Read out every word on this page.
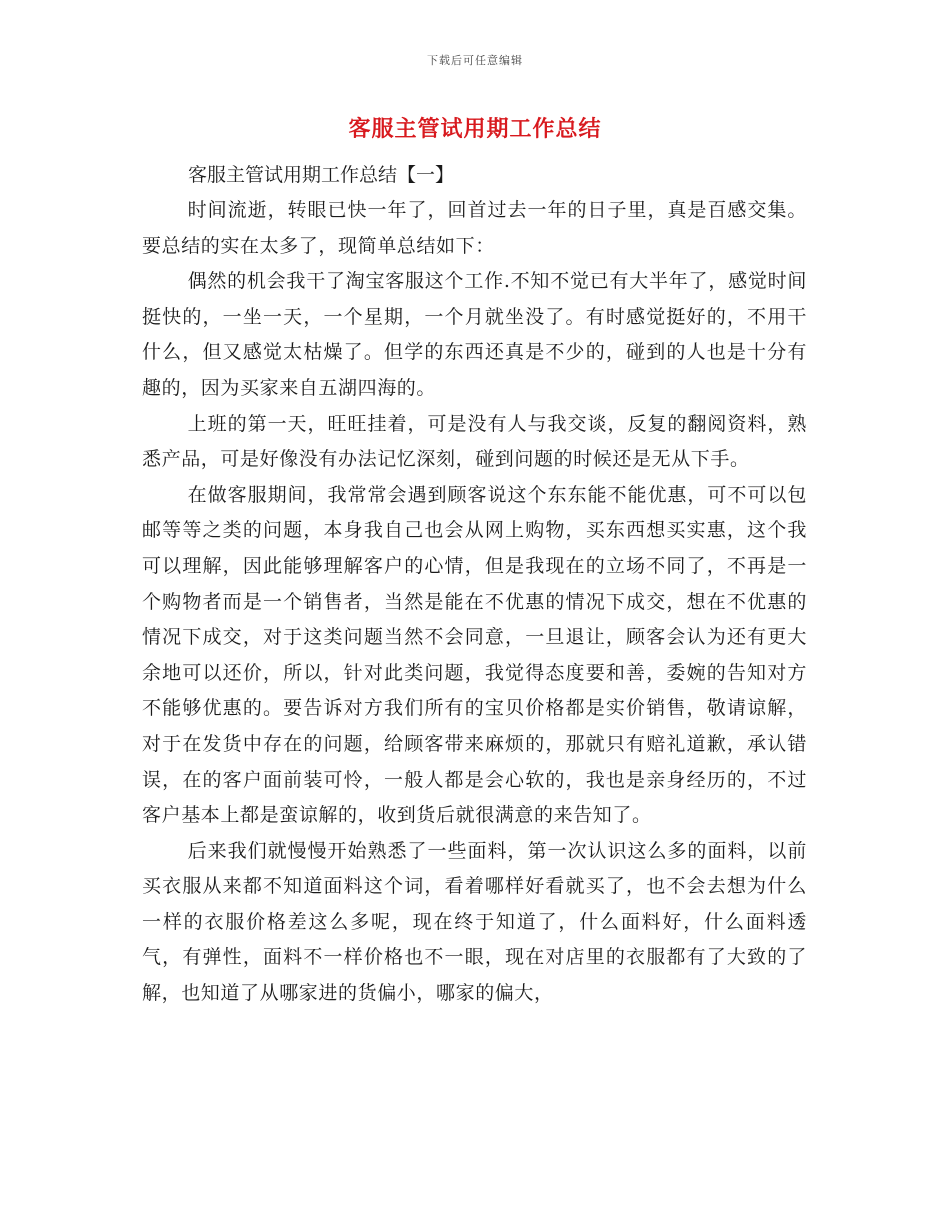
下载后可任意编辑
客服主管试用期工作总结

客服主管试用期工作总结【一】

时间流逝，转眼已快一年了，回首过去一年的日子里，真是百感交集。要总结的实在太多了，现简单总结如下：

偶然的机会我干了淘宝客服这个工作.不知不觉已有大半年了，感觉时间挺快的，一坐一天，一个星期，一个月就坐没了。有时感觉挺好的，不用干什么，但又感觉太枯燥了。但学的东西还真是不少的，碰到的人也是十分有趣的，因为买家来自五湖四海的。

上班的第一天，旺旺挂着，可是没有人与我交谈，反复的翻阅资料，熟悉产品，可是好像没有办法记忆深刻，碰到问题的时候还是无从下手。

在做客服期间，我常常会遇到顾客说这个东东能不能优惠，可不可以包邮等等之类的问题，本身我自己也会从网上购物，买东西想买实惠，这个我可以理解，因此能够理解客户的心情，但是我现在的立场不同了，不再是一个购物者而是一个销售者，当然是能在不优惠的情况下成交，想在不优惠的情况下成交，对于这类问题当然不会同意，一旦退让，顾客会认为还有更大余地可以还价，所以，针对此类问题，我觉得态度要和善，委婉的告知对方不能够优惠的。要告诉对方我们所有的宝贝价格都是实价销售，敬请谅解，对于在发货中存在的问题，给顾客带来麻烦的，那就只有赔礼道歉，承认错误，在的客户面前装可怜，一般人都是会心软的，我也是亲身经历的，不过客户基本上都是蛮谅解的，收到货后就很满意的来告知了。

后来我们就慢慢开始熟悉了一些面料，第一次认识这么多的面料，以前买衣服从来都不知道面料这个词，看着哪样好看就买了，也不会去想为什么一样的衣服价格差这么多呢，现在终于知道了，什么面料好，什么面料透气，有弹性，面料不一样价格也不一眼，现在对店里的衣服都有了大致的了解，也知道了从哪家进的货偏小，哪家的偏大，
